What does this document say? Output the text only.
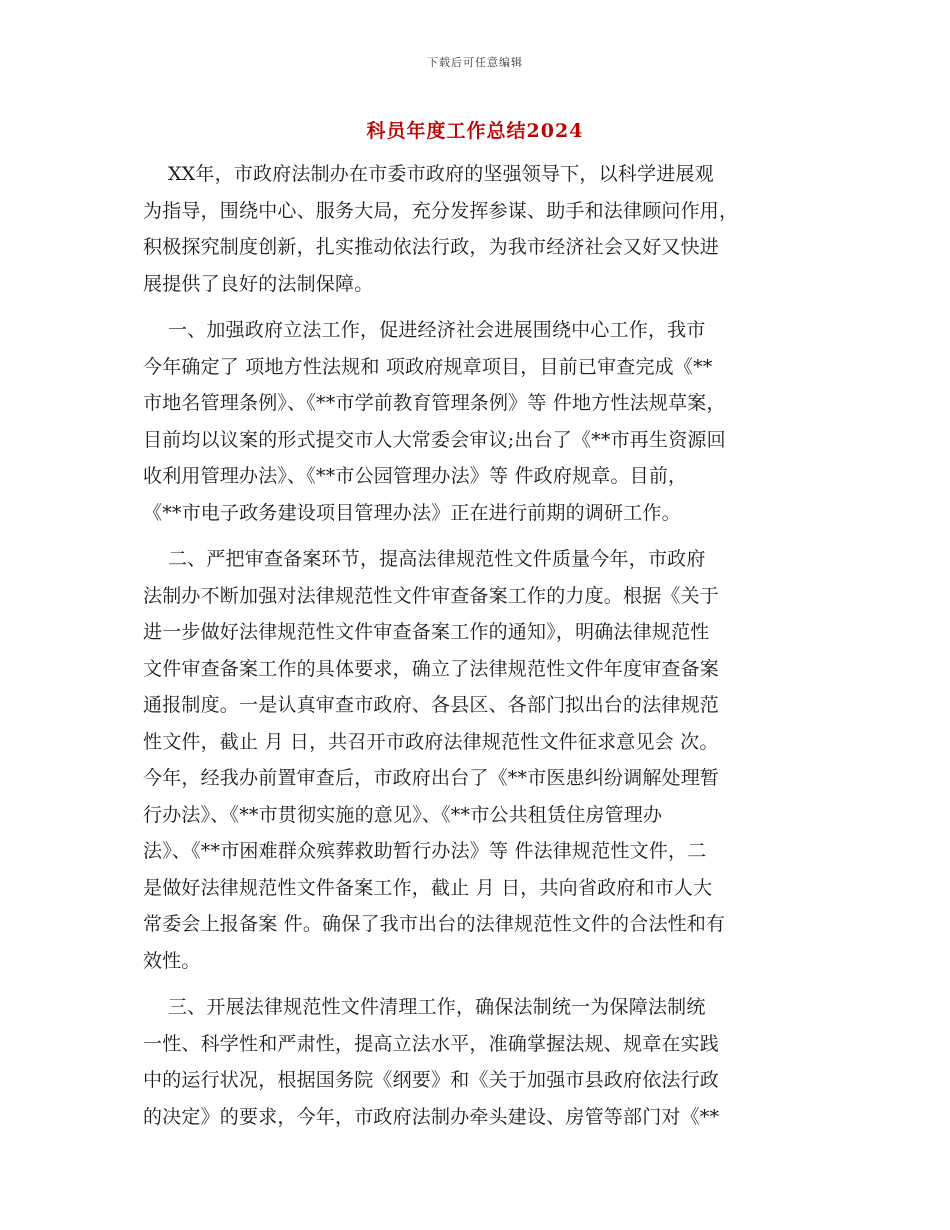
下载后可任意编辑
科员年度工作总结2024
XX年，市政府法制办在市委市政府的坚强领导下，以科学进展观
为指导，围绕中心、服务大局，充分发挥参谋、助手和法律顾问作用，
积极探究制度创新，扎实推动依法行政，为我市经济社会又好又快进
展提供了良好的法制保障。
一、加强政府立法工作，促进经济社会进展围绕中心工作，我市
今年确定了 项地方性法规和 项政府规章项目，目前已审查完成《**
市地名管理条例》、《**市学前教育管理条例》等 件地方性法规草案，
目前均以议案的形式提交市人大常委会审议;出台了《**市再生资源回
收利用管理办法》、《**市公园管理办法》等 件政府规章。目前，
《**市电子政务建设项目管理办法》正在进行前期的调研工作。
二、严把审查备案环节，提高法律规范性文件质量今年，市政府
法制办不断加强对法律规范性文件审查备案工作的力度。根据《关于
进一步做好法律规范性文件审查备案工作的通知》，明确法律规范性
文件审查备案工作的具体要求，确立了法律规范性文件年度审查备案
通报制度。一是认真审查市政府、各县区、各部门拟出台的法律规范
性文件，截止 月 日，共召开市政府法律规范性文件征求意见会 次。
今年，经我办前置审查后，市政府出台了《**市医患纠纷调解处理暂
行办法》、《**市贯彻实施的意见》、《**市公共租赁住房管理办
法》、《**市困难群众殡葬救助暂行办法》等 件法律规范性文件，二
是做好法律规范性文件备案工作，截止 月 日，共向省政府和市人大
常委会上报备案 件。确保了我市出台的法律规范性文件的合法性和有
效性。
三、开展法律规范性文件清理工作，确保法制统一为保障法制统
一性、科学性和严肃性，提高立法水平，准确掌握法规、规章在实践
中的运行状况，根据国务院《纲要》和《关于加强市县政府依法行政
的决定》的要求，今年，市政府法制办牵头建设、房管等部门对《**
